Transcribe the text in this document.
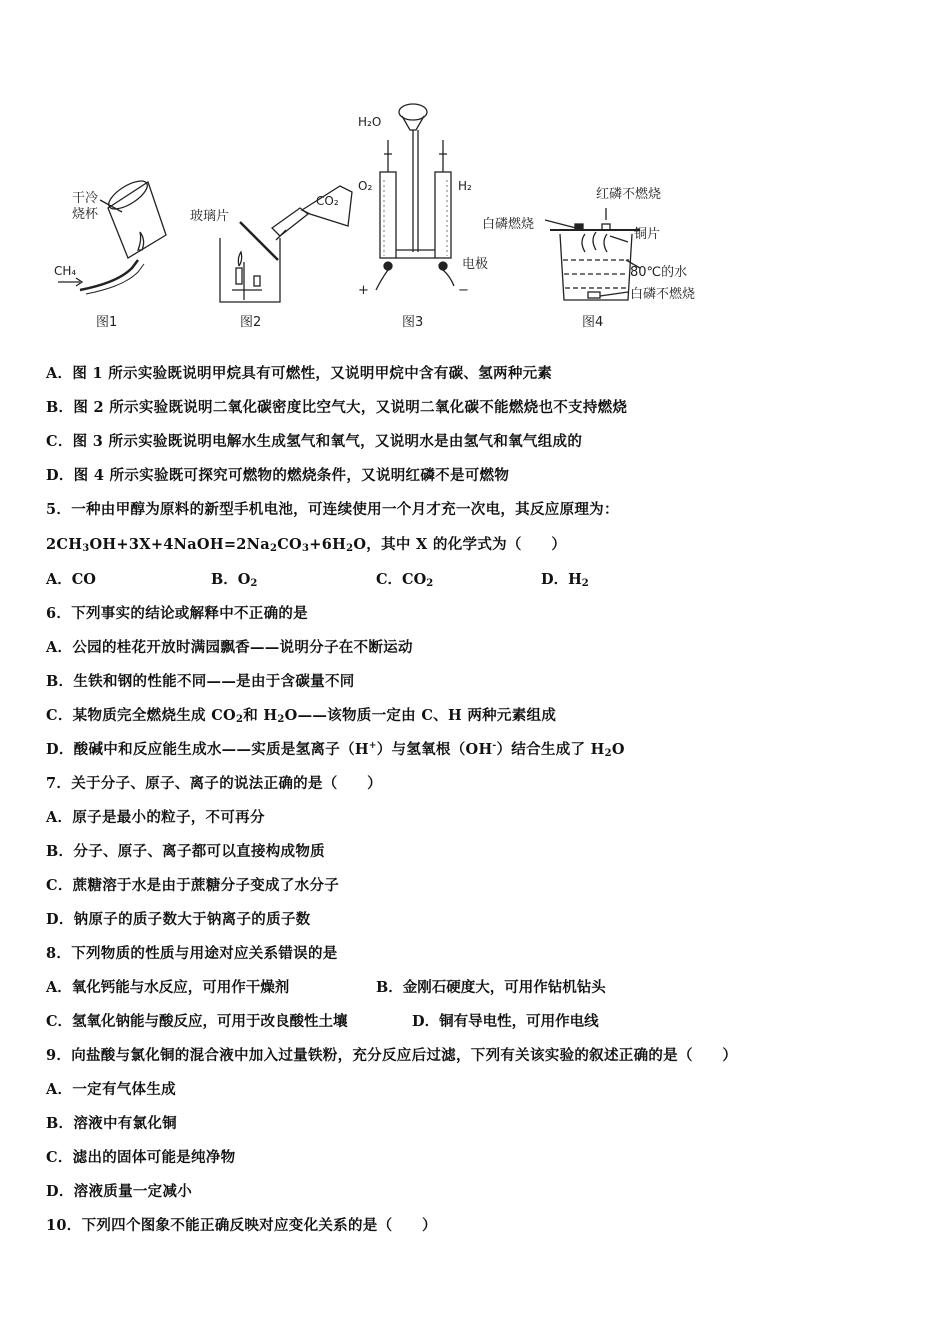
干冷
烧杯
CH₄
图1
玻璃片
CO₂
图2
H₂O
O₂	H₂
电极
+	−
图3
红磷不燃烧
白磷燃烧
铜片
80℃的水
白磷不燃烧
图4
A．图 1 所示实验既说明甲烷具有可燃性，又说明甲烷中含有碳、氢两种元素
B．图 2 所示实验既说明二氧化碳密度比空气大，又说明二氧化碳不能燃烧也不支持燃烧
C．图 3 所示实验既说明电解水生成氢气和氧气，又说明水是由氢气和氧气组成的
D．图 4 所示实验既可探究可燃物的燃烧条件，又说明红磷不是可燃物
5．一种由甲醇为原料的新型手机电池，可连续使用一个月才充一次电，其反应原理为：
$2CH_3OH+3X+4NaOH=2Na_2CO_3+6H_2O$，其中 X 的化学式为（　　）
A．CO	B．$O_2$	C．$CO_2$	D．$H_2$
6．下列事实的结论或解释中不正确的是
A．公园的桂花开放时满园飘香——说明分子在不断运动
B．生铁和钢的性能不同——是由于含碳量不同
C．某物质完全燃烧生成 $CO_2$和 $H_2O——$该物质一定由 C、H 两种元素组成
D．酸碱中和反应能生成水——实质是氢离子（H+）与氢氧根（OH-）结合生成了 $H_2O$
7．关于分子、原子、离子的说法正确的是（　　）
A．原子是最小的粒子，不可再分
B．分子、原子、离子都可以直接构成物质
C．蔗糖溶于水是由于蔗糖分子变成了水分子
D．钠原子的质子数大于钠离子的质子数
8．下列物质的性质与用途对应关系错误的是
A．氧化钙能与水反应，可用作干燥剂	B．金刚石硬度大，可用作钻机钻头
C．氢氧化钠能与酸反应，可用于改良酸性土壤	D．铜有导电性，可用作电线
9．向盐酸与氯化铜的混合液中加入过量铁粉，充分反应后过滤，下列有关该实验的叙述正确的是（　　）
A．一定有气体生成
B．溶液中有氯化铜
C．滤出的固体可能是纯净物
D．溶液质量一定减小
10．下列四个图象不能正确反映对应变化关系的是（　　）
